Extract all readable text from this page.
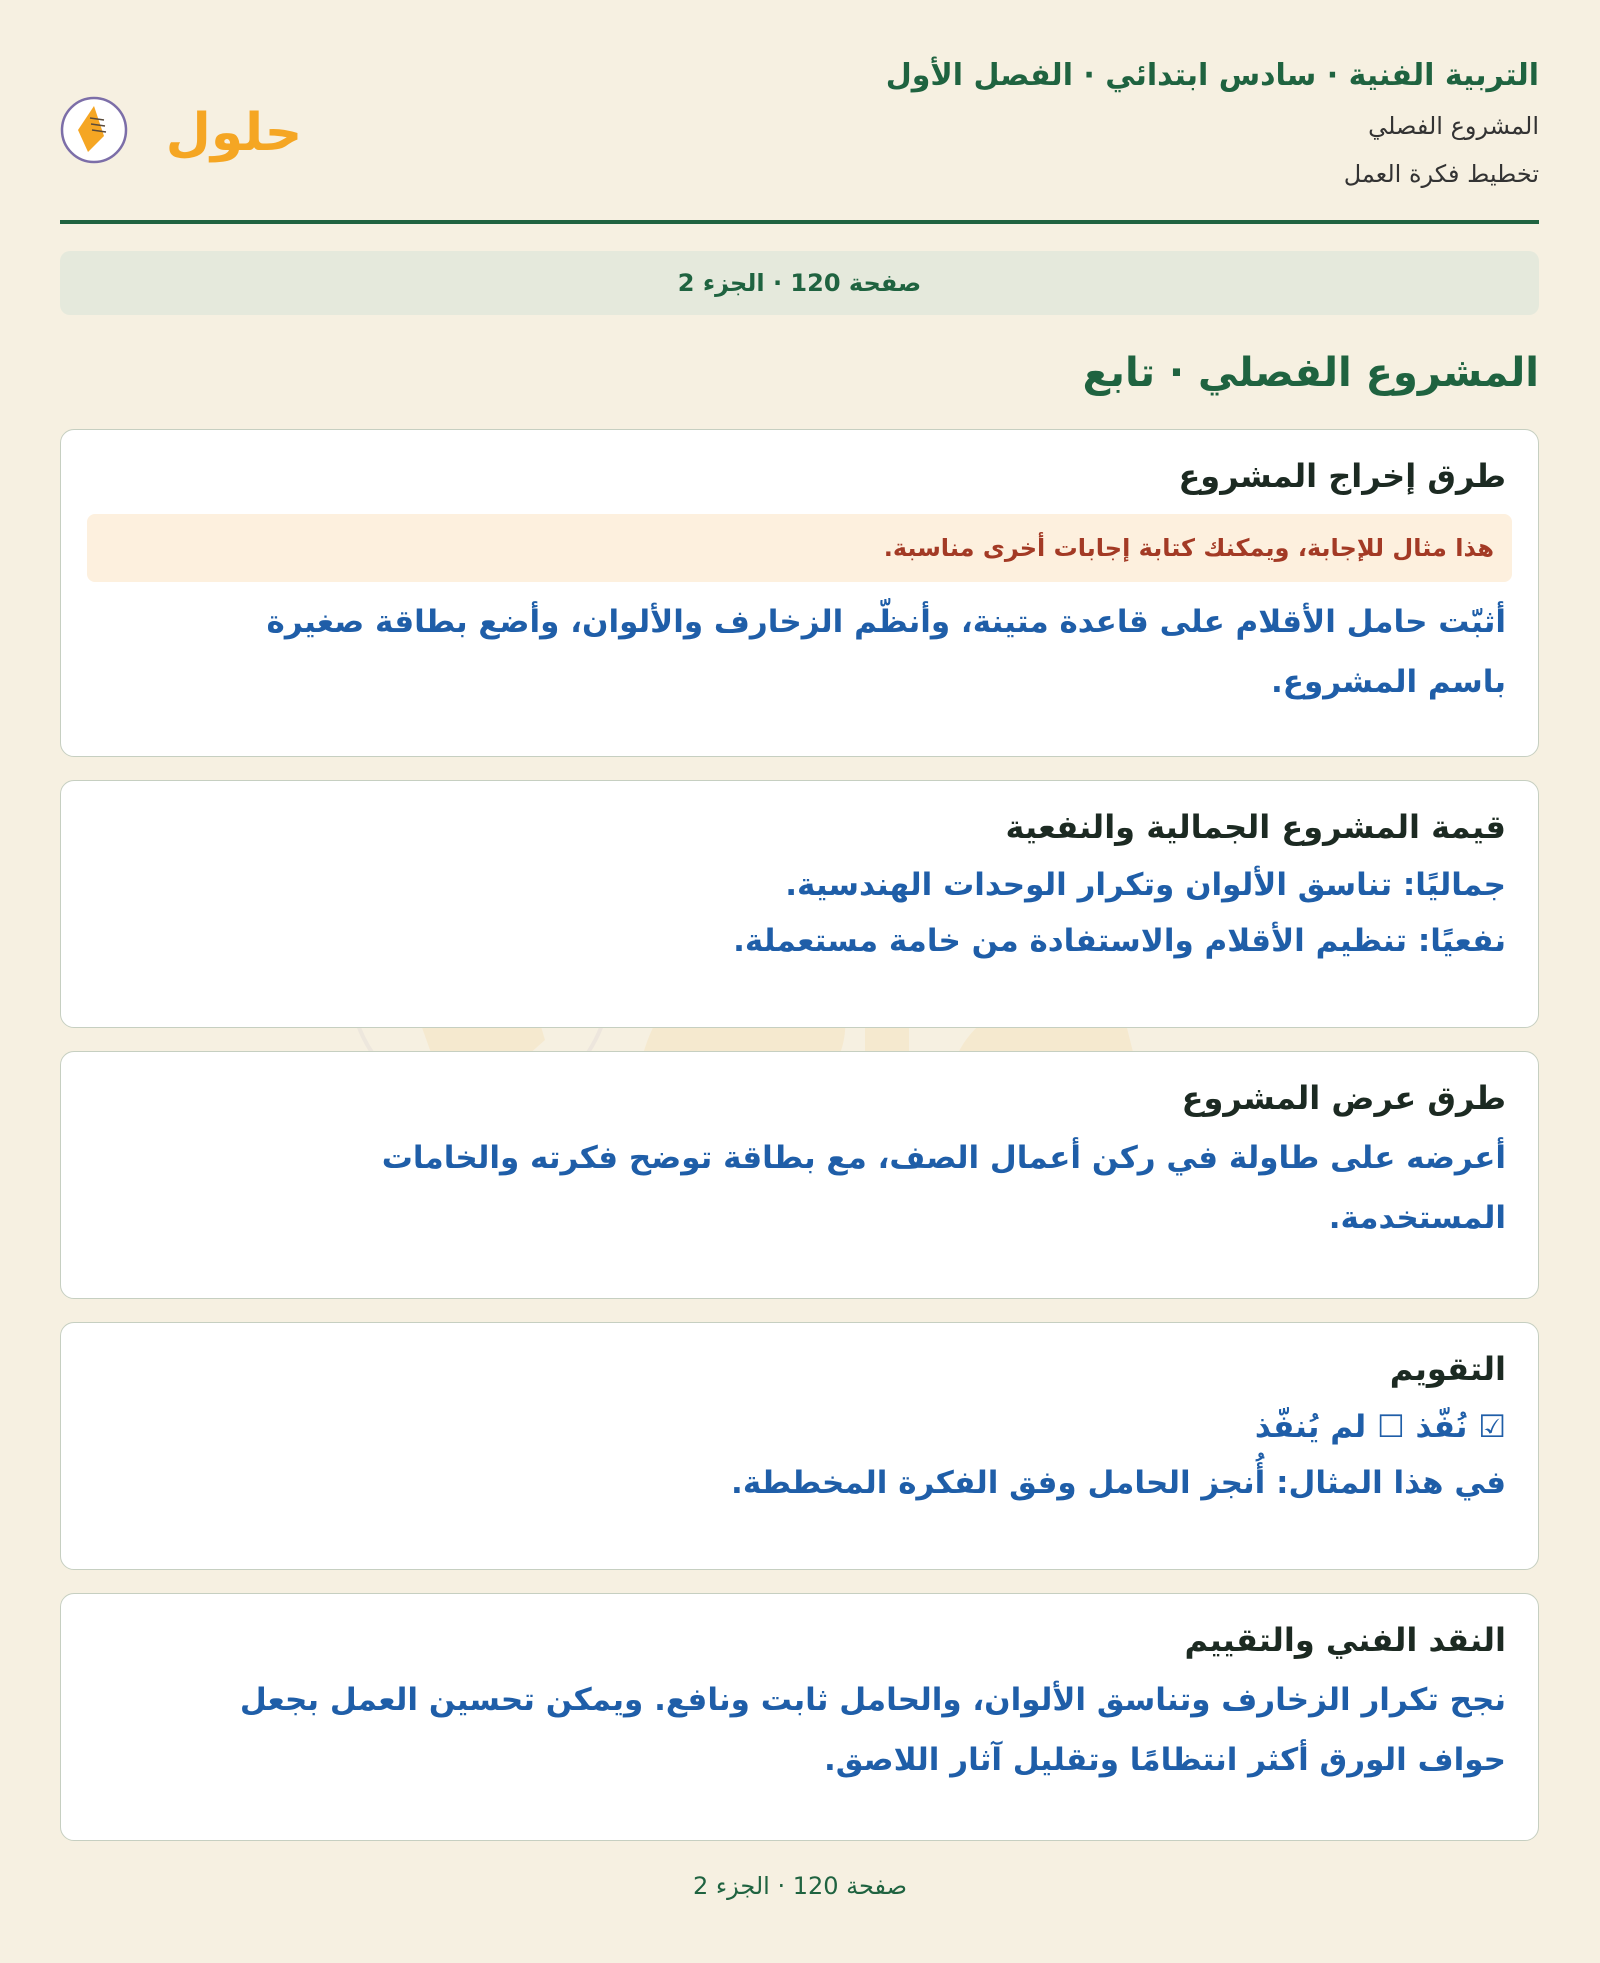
التربية الفنية · سادس ابتدائي · الفصل الأول
المشروع الفصلي
تخطيط فكرة العمل
حلول
صفحة 120 · الجزء 2
المشروع الفصلي · تابع
طرق إخراج المشروع
هذا مثال للإجابة، ويمكنك كتابة إجابات أخرى مناسبة.
أثبّت حامل الأقلام على قاعدة متينة، وأنظّم الزخارف والألوان، وأضع بطاقة صغيرة
باسم المشروع.
قيمة المشروع الجمالية والنفعية
جماليًا: تناسق الألوان وتكرار الوحدات الهندسية.
نفعيًا: تنظيم الأقلام والاستفادة من خامة مستعملة.
طرق عرض المشروع
أعرضه على طاولة في ركن أعمال الصف، مع بطاقة توضح فكرته والخامات
المستخدمة.
التقويم
☑ نُفّذ ☐ لم يُنفّذ
في هذا المثال: أُنجز الحامل وفق الفكرة المخططة.
النقد الفني والتقييم
نجح تكرار الزخارف وتناسق الألوان، والحامل ثابت ونافع. ويمكن تحسين العمل بجعل
حواف الورق أكثر انتظامًا وتقليل آثار اللاصق.
صفحة 120 · الجزء 2
